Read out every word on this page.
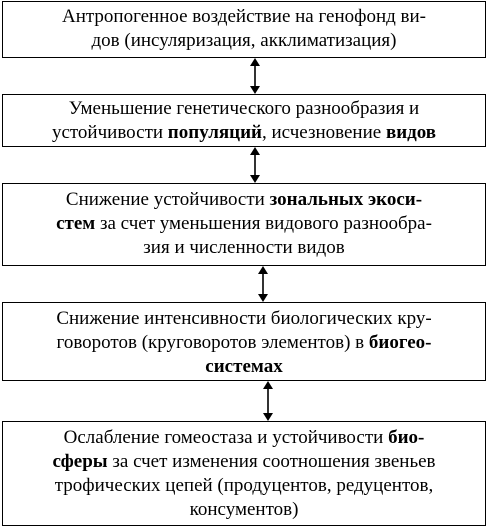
Антропогенное воздействие на генофонд ви-
дов (инсуляризация, акклиматизация)
Уменьшение генетического разнообразия и
устойчивости популяций, исчезновение видов
Снижение устойчивости зональных экоси-
стем за счет уменьшения видового разнообра-
зия и численности видов
Снижение интенсивности биологических кру-
говоротов (круговоротов элементов) в биогео-
системах
Ослабление гомеостаза и устойчивости био-
сферы за счет изменения соотношения звеньев
трофических цепей (продуцентов, редуцентов,
консументов)
